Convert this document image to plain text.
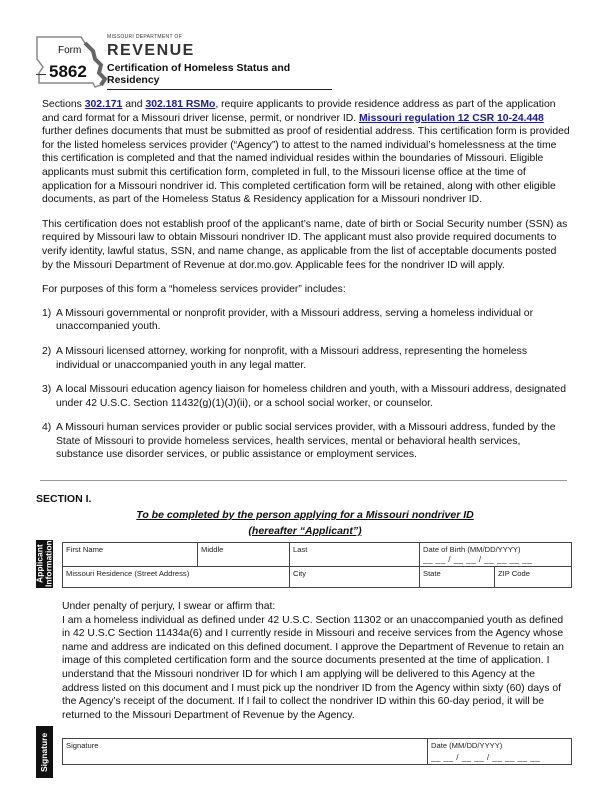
Form
5862
MISSOURI DEPARTMENT OF
REVENUE
Certification of Homeless Status and Residency

Sections 302.171 and 302.181 RSMo, require applicants to provide residence address as part of the application and card format for a Missouri driver license, permit, or nondriver ID. Missouri regulation 12 CSR 10-24.448 further defines documents that must be submitted as proof of residential address. This certification form is provided for the listed homeless services provider (“Agency”) to attest to the named individual’s homelessness at the time this certification is completed and that the named individual resides within the boundaries of Missouri. Eligible applicants must submit this certification form, completed in full, to the Missouri license office at the time of application for a Missouri nondriver id. This completed certification form will be retained, along with other eligible documents, as part of the Homeless Status & Residency application for a Missouri nondriver ID.

This certification does not establish proof of the applicant’s name, date of birth or Social Security number (SSN) as required by Missouri law to obtain Missouri nondriver ID. The applicant must also provide required documents to verify identity, lawful status, SSN, and name change, as applicable from the list of acceptable documents posted by the Missouri Department of Revenue at dor.mo.gov. Applicable fees for the nondriver ID will apply.

For purposes of this form a “homeless services provider” includes:

1) A Missouri governmental or nonprofit provider, with a Missouri address, serving a homeless individual or unaccompanied youth.
2) A Missouri licensed attorney, working for nonprofit, with a Missouri address, representing the homeless individual or unaccompanied youth in any legal matter.
3) A local Missouri education agency liaison for homeless children and youth, with a Missouri address, designated under 42 U.S.C. Section 11432(g)(1)(J)(ii), or a school social worker, or counselor.
4) A Missouri human services provider or public social services provider, with a Missouri address, funded by the State of Missouri to provide homeless services, health services, mental or behavioral health services, substance use disorder services, or public assistance or employment services.
SECTION I.
To be completed by the person applying for a Missouri nondriver ID
(hereafter “Applicant”)
Applicant Information First Name	Middle	Last	Date of Birth (MM/DD/YYYY)
__ __ / __ __ / __ __ __ __	

Missouri Residence (Street Address)		City	State	ZIP Code

Under penalty of perjury, I swear or affirm that:

I am a homeless individual as defined under 42 U.S.C. Section 11302 or an unaccompanied youth as defined in 42 U.S.C Section 11434a(6) and I currently reside in Missouri and receive services from the Agency whose name and address are indicated on this defined document. I approve the Department of Revenue to retain an image of this completed certification form and the source documents presented at the time of application. I understand that the Missouri nondriver ID for which I am applying will be delivered to this Agency at the address listed on this document and I must pick up the nondriver ID from the Agency within sixty (60) days of the Agency’s receipt of the document. If I fail to collect the nondriver ID within this 60-day period, it will be returned to the Missouri Department of Revenue by the Agency.

Signature	Signature	Date (MM/DD/YYYY)
__ __ / __ __ / __ __ __ __
